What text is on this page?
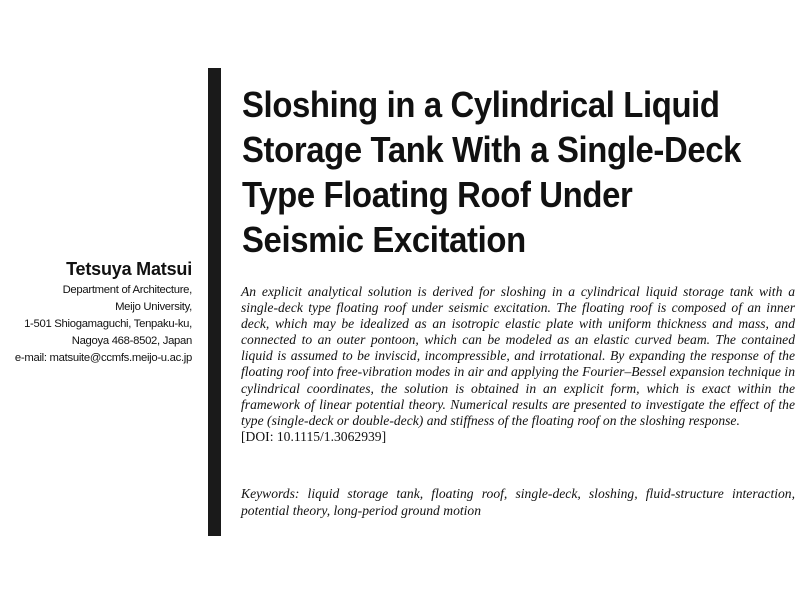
Sloshing in a Cylindrical Liquid Storage Tank With a Single-Deck Type Floating Roof Under Seismic Excitation
Tetsuya Matsui
Department of Architecture,
Meijo University,
1-501 Shiogamaguchi, Tenpaku-ku,
Nagoya 468-8502, Japan
e-mail: matsuite@ccmfs.meijo-u.ac.jp

An explicit analytical solution is derived for sloshing in a cylindrical liquid storage tank with a single-deck type floating roof under seismic excitation. The floating roof is composed of an inner deck, which may be idealized as an isotropic elastic plate with uniform thickness and mass, and connected to an outer pontoon, which can be modeled as an elastic curved beam. The contained liquid is assumed to be inviscid, incompressible, and irrotational. By expanding the response of the floating roof into free-vibration modes in air and applying the Fourier–Bessel expansion technique in cylindrical coordinates, the solution is obtained in an explicit form, which is exact within the framework of linear potential theory. Numerical results are presented to investigate the effect of the type (single-deck or double-deck) and stiffness of the floating roof on the sloshing response.
[DOI: 10.1115/1.3062939]

Keywords: liquid storage tank, floating roof, single-deck, sloshing, fluid-structure interaction, potential theory, long-period ground motion
